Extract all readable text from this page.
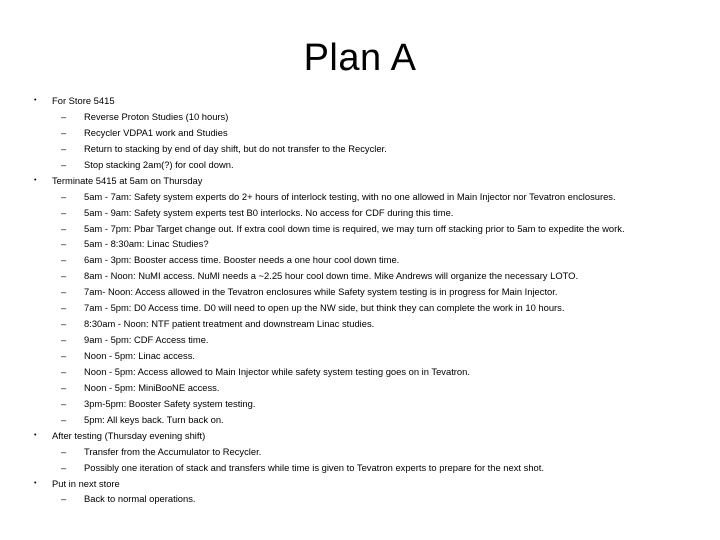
Plan A
• For Store 5415
– Reverse Proton Studies (10 hours)
– Recycler VDPA1 work and Studies
– Return to stacking by end of day shift, but do not transfer to the Recycler.
– Stop stacking 2am(?) for cool down.
• Terminate 5415 at 5am on Thursday
– 5am - 7am: Safety system experts do 2+ hours of interlock testing, with no one allowed in Main Injector nor Tevatron enclosures.
– 5am - 9am: Safety system experts test B0 interlocks. No access for CDF during this time.
– 5am - 7pm: Pbar Target change out. If extra cool down time is required, we may turn off stacking prior to 5am to expedite the work.
– 5am - 8:30am: Linac Studies?
– 6am - 3pm: Booster access time. Booster needs a one hour cool down time.
– 8am - Noon: NuMI access. NuMI needs a ~2.25 hour cool down time. Mike Andrews will organize the necessary LOTO.
– 7am- Noon: Access allowed in the Tevatron enclosures while Safety system testing is in progress for Main Injector.
– 7am - 5pm: D0 Access time. D0 will need to open up the NW side, but think they can complete the work in 10 hours.
– 8:30am - Noon: NTF patient treatment and downstream Linac studies.
– 9am - 5pm: CDF Access time.
– Noon - 5pm: Linac access.
– Noon - 5pm: Access allowed to Main Injector while safety system testing goes on in Tevatron.
– Noon - 5pm: MiniBooNE access.
– 3pm-5pm: Booster Safety system testing.
– 5pm: All keys back. Turn back on.
• After testing (Thursday evening shift)
– Transfer from the Accumulator to Recycler.
– Possibly one iteration of stack and transfers while time is given to Tevatron experts to prepare for the next shot.
• Put in next store
– Back to normal operations.
